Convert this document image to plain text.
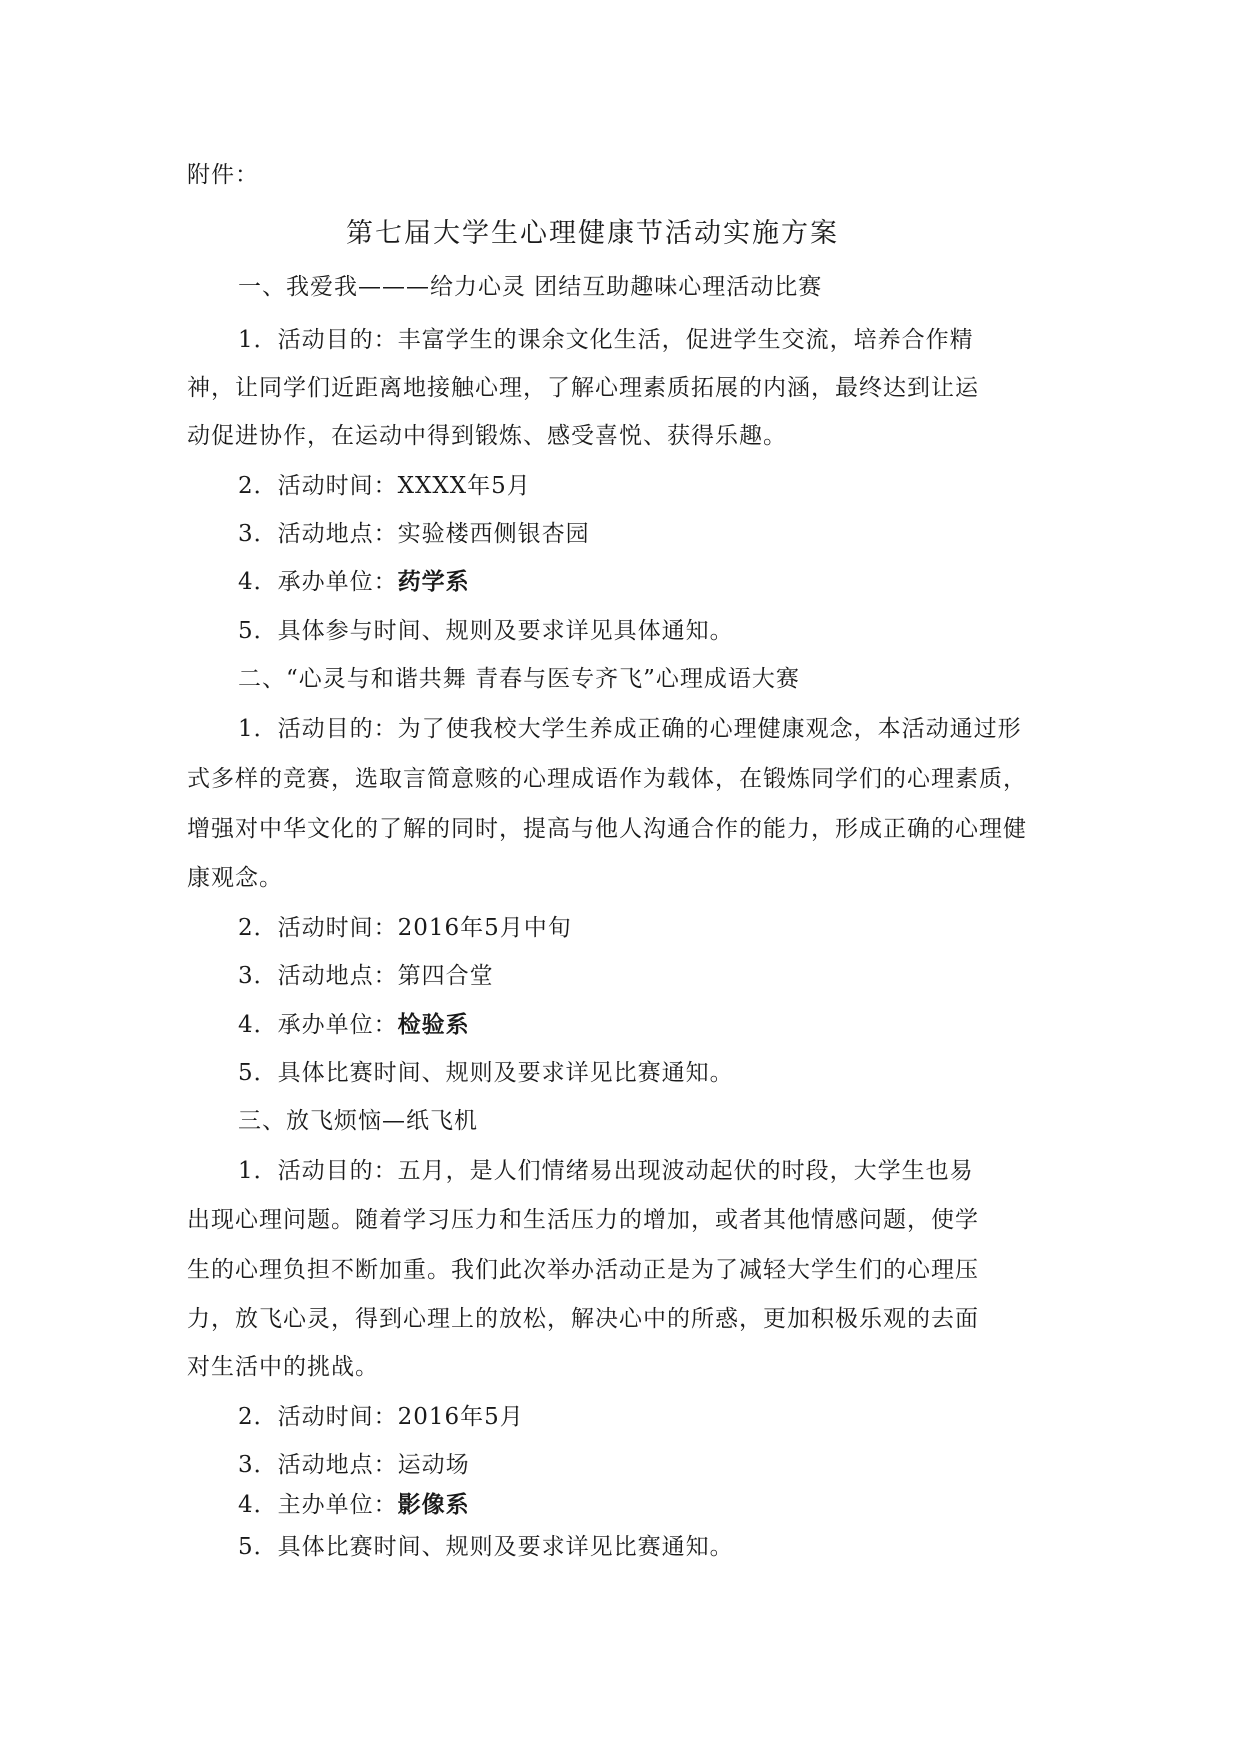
附件：

第七届大学生心理健康节活动实施方案

一、我爱我———给力心灵 团结互助趣味心理活动比赛

1．活动目的：丰富学生的课余文化生活，促进学生交流，培养合作精

神，让同学们近距离地接触心理，了解心理素质拓展的内涵，最终达到让运

动促进协作，在运动中得到锻炼、感受喜悦、获得乐趣。

2．活动时间：XXXX年5月

3．活动地点：实验楼西侧银杏园

4．承办单位：药学系

5．具体参与时间、规则及要求详见具体通知。

二、“心灵与和谐共舞 青春与医专齐飞”心理成语大赛

1．活动目的：为了使我校大学生养成正确的心理健康观念，本活动通过形

式多样的竞赛，选取言简意赅的心理成语作为载体，在锻炼同学们的心理素质，

增强对中华文化的了解的同时，提高与他人沟通合作的能力，形成正确的心理健

康观念。

2．活动时间：2016年5月中旬

3．活动地点：第四合堂

4．承办单位：检验系

5．具体比赛时间、规则及要求详见比赛通知。

三、放飞烦恼—纸飞机

1．活动目的：五月，是人们情绪易出现波动起伏的时段，大学生也易

出现心理问题。随着学习压力和生活压力的增加，或者其他情感问题，使学

生的心理负担不断加重。我们此次举办活动正是为了减轻大学生们的心理压

力，放飞心灵，得到心理上的放松，解决心中的所惑，更加积极乐观的去面

对生活中的挑战。

2．活动时间：2016年5月

3．活动地点：运动场

4．主办单位：影像系

5．具体比赛时间、规则及要求详见比赛通知。
